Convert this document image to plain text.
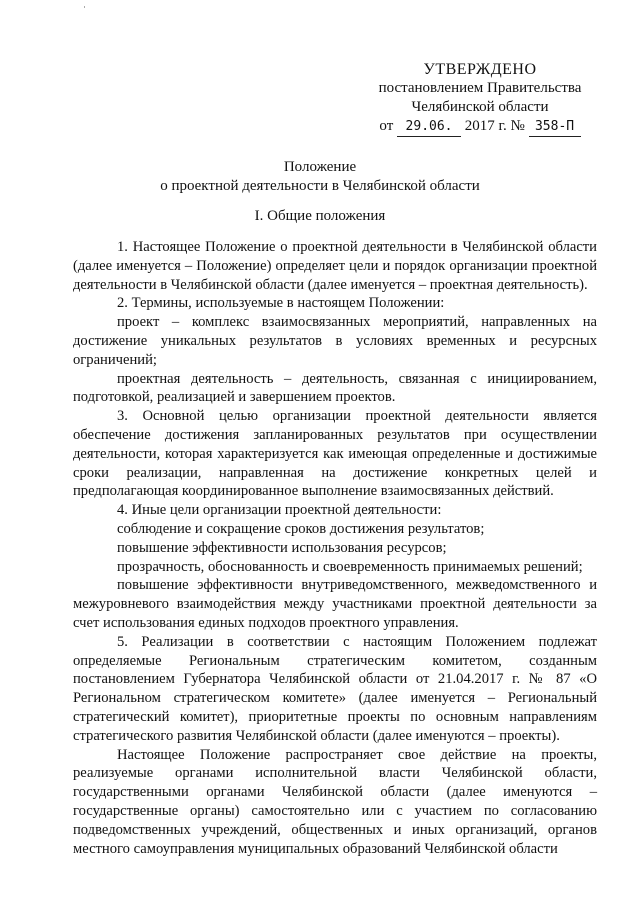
УТВЕРЖДЕНО
постановлением Правительства
Челябинской области
от 29.06. 2017 г. № 358-П
Положение
о проектной деятельности в Челябинской области
I. Общие положения

1. Настоящее Положение о проектной деятельности в Челябинской области (далее именуется – Положение) определяет цели и порядок организации проектной деятельности в Челябинской области (далее именуется – проектная деятельность).

2. Термины, используемые в настоящем Положении:

проект – комплекс взаимосвязанных мероприятий, направленных на достижение уникальных результатов в условиях временных и ресурсных ограничений;

проектная деятельность – деятельность, связанная с инициированием, подготовкой, реализацией и завершением проектов.

3. Основной целью организации проектной деятельности является обеспечение достижения запланированных результатов при осуществлении деятельности, которая характеризуется как имеющая определенные и достижимые сроки реализации, направленная на достижение конкретных целей и предполагающая координированное выполнение взаимосвязанных действий.

4. Иные цели организации проектной деятельности:

соблюдение и сокращение сроков достижения результатов;

повышение эффективности использования ресурсов;

прозрачность, обоснованность и своевременность принимаемых решений;

повышение эффективности внутриведомственного, межведомственного и межуровневого взаимодействия между участниками проектной деятельности за счет использования единых подходов проектного управления.

5. Реализации в соответствии с настоящим Положением подлежат определяемые Региональным стратегическим комитетом, созданным постановлением Губернатора Челябинской области от 21.04.2017 г. № 87 «О Региональном стратегическом комитете» (далее именуется – Региональный стратегический комитет), приоритетные проекты по основным направлениям стратегического развития Челябинской области (далее именуются – проекты).

Настоящее Положение распространяет свое действие на проекты, реализуемые органами исполнительной власти Челябинской области, государственными органами Челябинской области (далее именуются – государственные органы) самостоятельно или с участием по согласованию подведомственных учреждений, общественных и иных организаций, органов местного самоуправления муниципальных образований Челябинской области
